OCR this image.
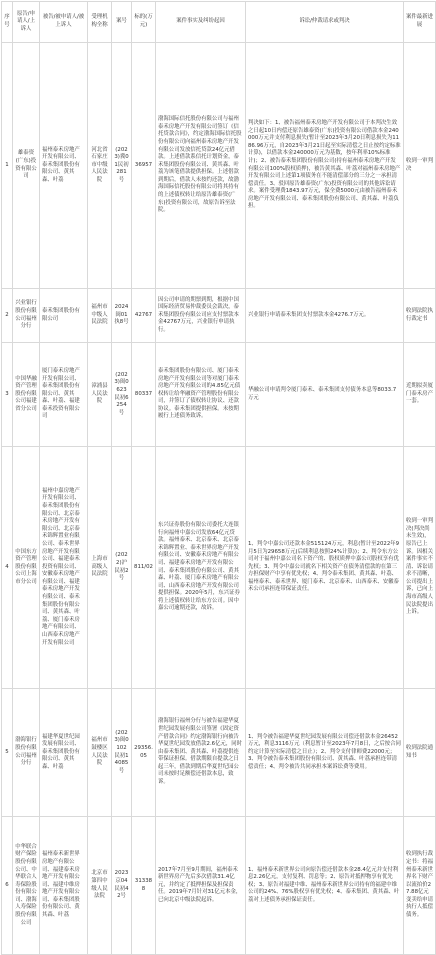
序号	原告/申请人/上诉人	被告/被申请人/被上诉人	受理机构全称	案号	标的(万元)	案件事实及纠纷起因	诉讼/仲裁请求或判决	案件最新进展
1	雄泰资(广东)投资有限公司	福州泰禾房地产开发有限公司、泰禾集团股份有限公司、黄其森、叶荔	河北省石家庄市中级人民法院	(2023)冀01民初281号	36957	渤海国际信托股份有限公司与福州泰禾房地产开发有限公司签订《信托贷款合同》，约定渤海国际信托股份有限公司向福州泰禾房地产开发有限公司发放信托贷款24亿元借款。上述借款系信托计划资金，泰禾集团股份有限公司、黄其森、叶荔为该笔借款提供担保。上述借款到期后，借款人未按约还款，故渤海国际信托股份有限公司将其持有的上述债权转让给原告雄泰资(广东)投资有限公司，故原告诉至法院。	判决如下：1、被告福州泰禾房地产开发有限公司于本判决生效之日起10日内偿还原告雄泰资(广东)投资有限公司借款本金240000万元并支付利息损失(暂计至2023年3月20日利息损失为1186.96万元，自2023年3月21日起至实际清偿之日止按约定标准计算)，以借款本金240000万元为基数，按年利率10%标准计)；2、被告泰禾集团股份有限公司(持有福州泰禾房地产开发有限公司100%股权质押)，被告黄其森、叶荔对福州泰禾房地产开发有限公司上述第1项债务在不能清偿部分的三分之一承担清偿责任。3、驳回原告雄泰资(广东)投资有限公司的其他诉讼请求。案件受理费1843.97万元，保全费5000元由被告福州泰禾房地产开发有限公司、泰禾集团股份有限公司、黄其森、叶荔负担。	收到一审判决
2	兴业银行股份有限公司福州分行	泰禾集团股份有限公司	福州市中级人民法院	2024闽01执8号	42767	因公司申请的期票到期，根据中国国际经济贸易仲裁委员会裁决，泰禾集团股份有限公司应支付票款本金42767万元，兴业银行申请执行。	兴业银行申请泰禾集团支付票款本金4276.7万元。	收到法院执行裁定书
3	中国华融资产管理股份有限公司福建省分公司	厦门泰禾房地产开发有限公司、泰禾集团股份有限公司、黄其森、叶荔、福建泰禾投资有限公司	漳浦县人民法院	(2023)闽0623民初6254号	80337	泰禾集团股份有限公司、厦门泰禾房地产开发有限公司等对厦门泰禾房地产开发有限公司的4.85亿元债权转让给华融资产管理股份有限公司，并签订了债权转让协议、还款协议。泰禾集团提供担保。未按期履行上述债务致诉。	华融公司申请判令厦门泰禾、泰禾集团支付债务本息等8033.7万元	近期拟卖厦门泰禾房产一套。
4	中国东方资产管理股份有限公司上海市分公司	福州中嘉房地产开发有限公司、泰禾集团股份有限公司、北京泰禾房地产开发有限公司、北京泰禾锦辉置业有限公司、泰禾世界房地产开发有限公司、福建泰禾投资有限公司、安徽泰禾房地产有限公司、福建泰禾房地产开发有限公司、泰禾集团股份有限公司、黄其森、叶荔、厦门泰禾房地产有限公司、山西泰禾房地产开发有限公司	上海市高级人民法院	(2022)沪民初2号	811/02	东兴证券股份有限公司委托大连银行向福州中嘉公司发放64亿元贷款。福州泰禾、北京泰禾、北京泰禾锦辉置业、泰禾世界房地产开发有限公司、安徽泰禾房地产有限公司、福建泰禾房地产开发有限公司、泰禾集团股份有限公司、黄其森、叶荔、厦门泰禾房地产有限公司、山西泰禾房地产开发有限公司提供担保。2020年5月，东兴证券将上述债权转让给东方公司。因中嘉公司逾期还款，故诉。	1、判令中嘉公司还款本金515124万元，利息(暂计至2022年9月5日为29658万元(后续利息按照24%计算))；2、判令东方公司对于福州中嘉公司名下资产的、股权质押中嘉公司股权享有优先权；3、判令中嘉公司就名下相关资产在债务清偿款的在第三方担保财产中享有优先权；4、判令泰禾集团、黄其森、叶荔、福州泰禾、泰禾世界、厦门泰禾、北京泰禾、山西泰禾、安徽泰禾公司承担连带保证责任。	收到一审判决(判决尚未生效)，原告已上诉。因相关案件事实不清、诉讼请求不清晰，公司提出上诉，已向上海市高级人民法院提出上诉。
5	渤海银行股份有限公司福州分行	福建华夏世纪园发展有限公司、泰禾集团股份有限公司、黄其森、叶荔	福州市鼓楼区人民法院	(2023)闽0102民初14085号	29356.05	渤海银行福州分行与被告福建华夏世纪园发展有限公司签署《固定资产借款合同》约定渤海银行向被告华夏世纪园发放借款2.6亿元，同时由泰禾集团、黄其森、叶荔提供连带保证担保。借款期限自提款之日起三年，借款到期后华夏世纪园公司未按时足额偿还借款本息，致诉。	1、判令被告福建华夏世纪园发展有限公司偿还借款本金26452万元，利息3116万元（利息暂计至2023年7月8日，之后按合同约定计算至实际清偿之日止）；2、判令支付律师费22000元；3、判令被告泰禾集团股份有限公司、黄其森、叶荔承担连带清偿责任；4、判令被告共同承担本案诉讼费等费用。	收到法院通知书
6	中华联合财产保险股份有限公司、中华联合人寿保险股份有限公司、渤海人寿保险股份有限公司	福州泰禾新世界房地产有限公司、福建泰禾房地产开发有限公司、福建中维房地产开发有限公司、泰禾集团股份有限公司、黄其森、叶荔	北京市第四中级人民法院	2023京04民初42号	313388	2017年7月至9月期间，福州泰禾新世界房产先后多次借款31.4亿元，并约定了抵押担保及担保责任。2019年7月针对31亿元本金，已向北京中级法院起诉。	1、福州泰禾新世界公司向原告偿还借款本金28.4亿元并支付利息2.26亿元，支付复利、罚息等；2、原告对抵押物享有优先权；3、原告对福建中维、福州泰禾新世界公司持有的福建中维公司的24%、76%股权享有优先权；4、泰禾集团、黄其森、叶荔对上述债务承担保证责任。	收到执行裁定书：将福州泰禾新世界名下财产以流拍价27.88亿元变卖给申请执行人抵偿债务。
